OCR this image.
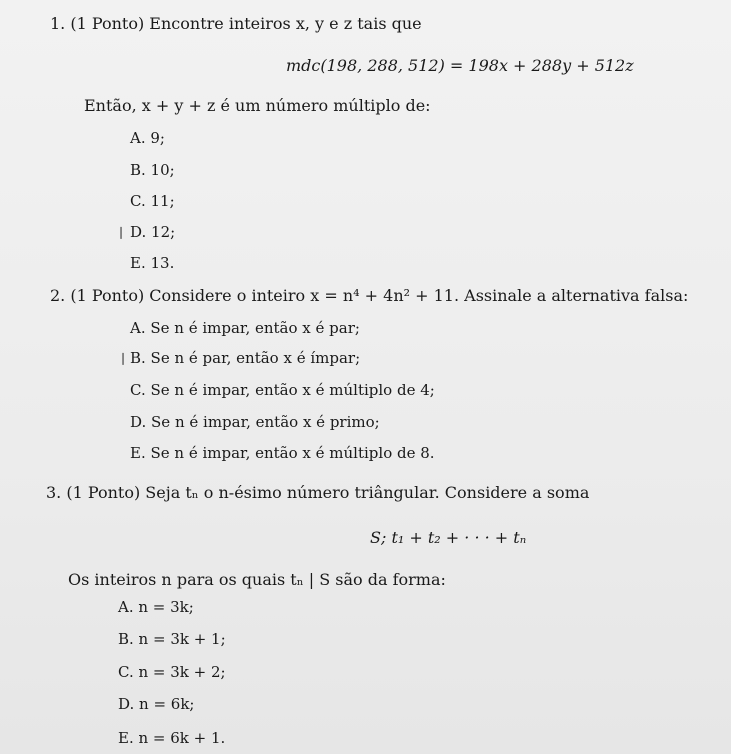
1. (1 Ponto) Encontre inteiros x, y e z tais que
mdc(198, 288, 512) = 198x + 288y + 512z
Então, x + y + z é um número múltiplo de:
A. 9;
B. 10;
C. 11;
❘ D. 12;
E. 13.
2. (1 Ponto) Considere o inteiro x = n⁴ + 4n² + 11. Assinale a alternativa falsa:
A. Se n é impar, então x é par;
❘ B. Se n é par, então x é ímpar;
C. Se n é impar, então x é múltiplo de 4;
D. Se n é impar, então x é primo;
E. Se n é impar, então x é múltiplo de 8.
3. (1 Ponto) Seja tₙ o n-ésimo número triângular. Considere a soma
S; t₁ + t₂ + · · · + tₙ
Os inteiros n para os quais tₙ | S são da forma:
A. n = 3k;
B. n = 3k + 1;
C. n = 3k + 2;
D. n = 6k;
E. n = 6k + 1.
